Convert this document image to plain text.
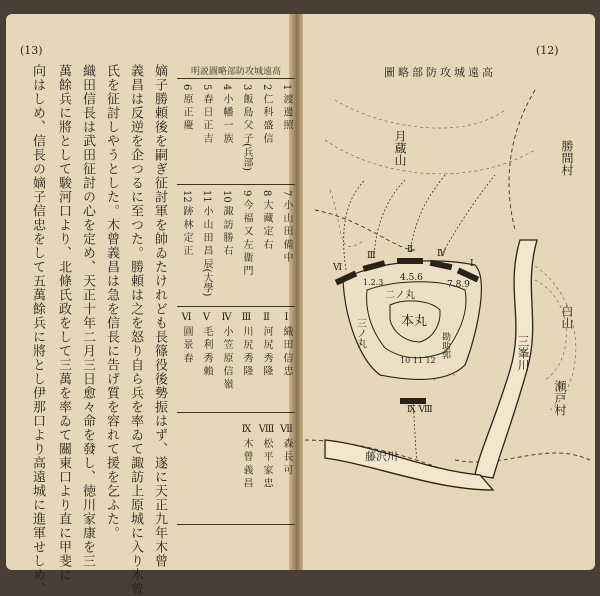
(13)	(12)
嫡子勝頼後を嗣ぎ征討軍を帥ゐたけれども長篠役後勢振はず、遂に天正九年木曾
義昌は反逆を企つるに至つた。勝頼は之を怒り自ら兵を率ゐて諏訪上原城に入り木曾
氏を征討しやうとした。木曾義昌は急を信長に告げ質を容れて援を乞ふた。
織田信長は武田征討の心を定め、天正十年二月三日愈々命を發し、徳川家康を三
萬餘兵に將として駿河口より、北條氏政をして三萬を率ゐて關東口より直に甲斐に
向はしめ、信長の嫡子信忠をして五萬餘兵に將とし伊那口より高遠城に進軍せしめ、	明説圖略部防攻城遠高
1 渡 邊 照
2 仁 科 盛 信
3 飯 島 父 子(兵部)
4 小 幡 一 族
5 春 日 正 吉
6 原 正 慶
7 小 山 田 備 中
8 大 藏 定 右
9 今 福 又 左 衞 門
10 諏 訪 勝 右
11 小 山 田 昌 辰(大學)
12 跡 林 定 正
Ⅰ 織 田 信 忠
Ⅱ 河 尻 秀 隆
Ⅲ 川 尻 秀 隆
Ⅳ 小 笠 原 信 嶺
Ⅴ 毛 利 秀 賴
Ⅵ 圓 景 春
Ⅶ 森 長 可
Ⅷ 松 平 家 忠
Ⅸ 木 曾 義 昌
圖略部防攻城遠高
勝間村
月蔵山
白山
瀬戸村
三峯川
藤沢川
本丸
二ノ丸
三ノ丸	勘助郭
4.5.6
7.8.9
10 11 12
1.2.3
Ⅸ Ⅷ
Ⅰ
Ⅱ
Ⅲ	Ⅳ
Ⅵ
